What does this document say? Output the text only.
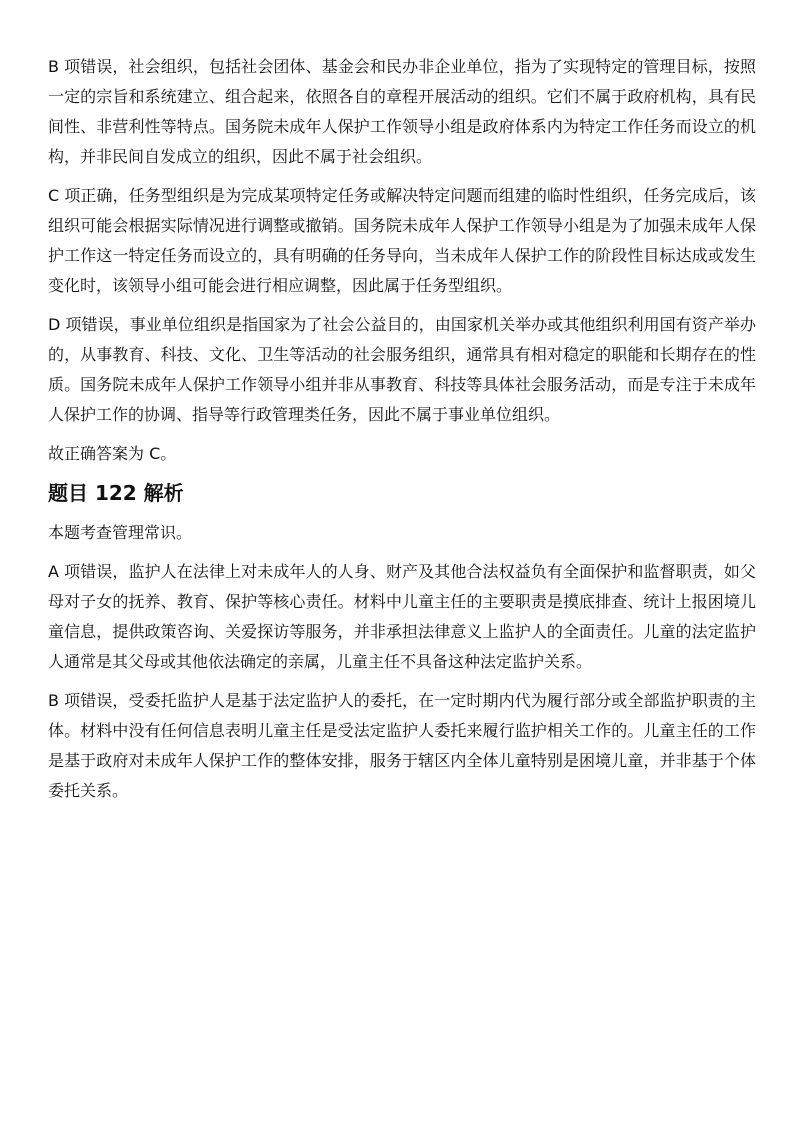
B 项错误，社会组织，包括社会团体、基金会和民办非企业单位，指为了实现特定的管理目标，按照一定的宗旨和系统建立、组合起来，依照各自的章程开展活动的组织。它们不属于政府机构，具有民间性、非营利性等特点。国务院未成年人保护工作领导小组是政府体系内为特定工作任务而设立的机构，并非民间自发成立的组织，因此不属于社会组织。

C 项正确，任务型组织是为完成某项特定任务或解决特定问题而组建的临时性组织，任务完成后，该组织可能会根据实际情况进行调整或撤销。国务院未成年人保护工作领导小组是为了加强未成年人保护工作这一特定任务而设立的，具有明确的任务导向，当未成年人保护工作的阶段性目标达成或发生变化时，该领导小组可能会进行相应调整，因此属于任务型组织。

D 项错误，事业单位组织是指国家为了社会公益目的，由国家机关举办或其他组织利用国有资产举办的，从事教育、科技、文化、卫生等活动的社会服务组织，通常具有相对稳定的职能和长期存在的性质。国务院未成年人保护工作领导小组并非从事教育、科技等具体社会服务活动，而是专注于未成年人保护工作的协调、指导等行政管理类任务，因此不属于事业单位组织。

故正确答案为 C。

题目 122 解析

本题考查管理常识。

A 项错误，监护人在法律上对未成年人的人身、财产及其他合法权益负有全面保护和监督职责，如父母对子女的抚养、教育、保护等核心责任。材料中儿童主任的主要职责是摸底排查、统计上报困境儿童信息，提供政策咨询、关爱探访等服务，并非承担法律意义上监护人的全面责任。儿童的法定监护人通常是其父母或其他依法确定的亲属，儿童主任不具备这种法定监护关系。

B 项错误，受委托监护人是基于法定监护人的委托，在一定时期内代为履行部分或全部监护职责的主体。材料中没有任何信息表明儿童主任是受法定监护人委托来履行监护相关工作的。儿童主任的工作是基于政府对未成年人保护工作的整体安排，服务于辖区内全体儿童特别是困境儿童，并非基于个体委托关系。
